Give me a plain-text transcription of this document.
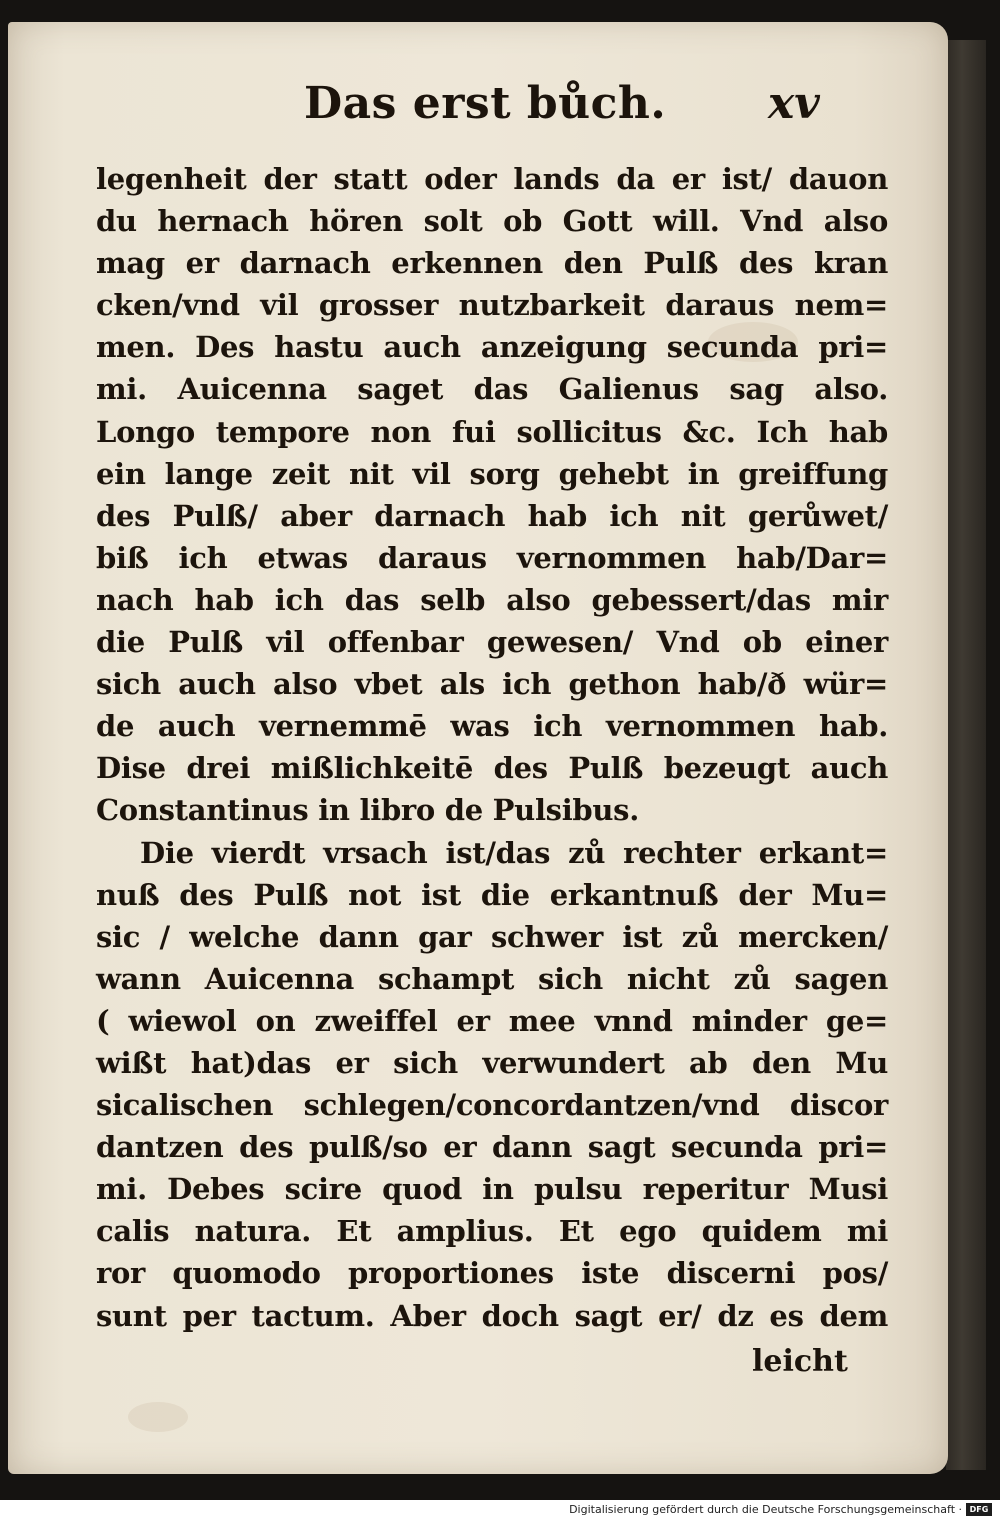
Das erst bůch. xv
legenheit der statt oder lands da er ist/ dauon
du hernach hören solt ob Gott will. Vnd also
mag er darnach erkennen den Pulß des kran
cken/vnd vil grosser nutzbarkeit daraus nem=
men. Des hastu auch anzeigung secunda pri=
mi. Auicenna saget das Galienus sag also.
Longo tempore non fui sollicitus &c. Ich hab
ein lange zeit nit vil sorg gehebt in greiffung
des Pulß/ aber darnach hab ich nit gerůwet/
biß ich etwas daraus vernommen hab/Dar=
nach hab ich das selb also gebessert/das mir
die Pulß vil offenbar gewesen/ Vnd ob einer
sich auch also vbet als ich gethon hab/ð wür=
de auch vernemmē was ich vernommen hab.
Dise drei mißlichkeitē des Pulß bezeugt auch
Constantinus in libro de Pulsibus.
Die vierdt vrsach ist/das zů rechter erkant=
nuß des Pulß not ist die erkantnuß der Mu=
sic / welche dann gar schwer ist zů mercken/
wann Auicenna schampt sich nicht zů sagen
( wiewol on zweiffel er mee vnnd minder ge=
wißt hat)das er sich verwundert ab den Mu
sicalischen schlegen/concordantzen/vnd discor
dantzen des pulß/so er dann sagt secunda pri=
mi. Debes scire quod in pulsu reperitur Musi
calis natura. Et amplius. Et ego quidem mi
ror quomodo proportiones iste discerni pos/
sunt per tactum. Aber doch sagt er/ dz es dem
leicht
Digitalisierung gefördert durch die Deutsche Forschungsgemeinschaft · DFG
